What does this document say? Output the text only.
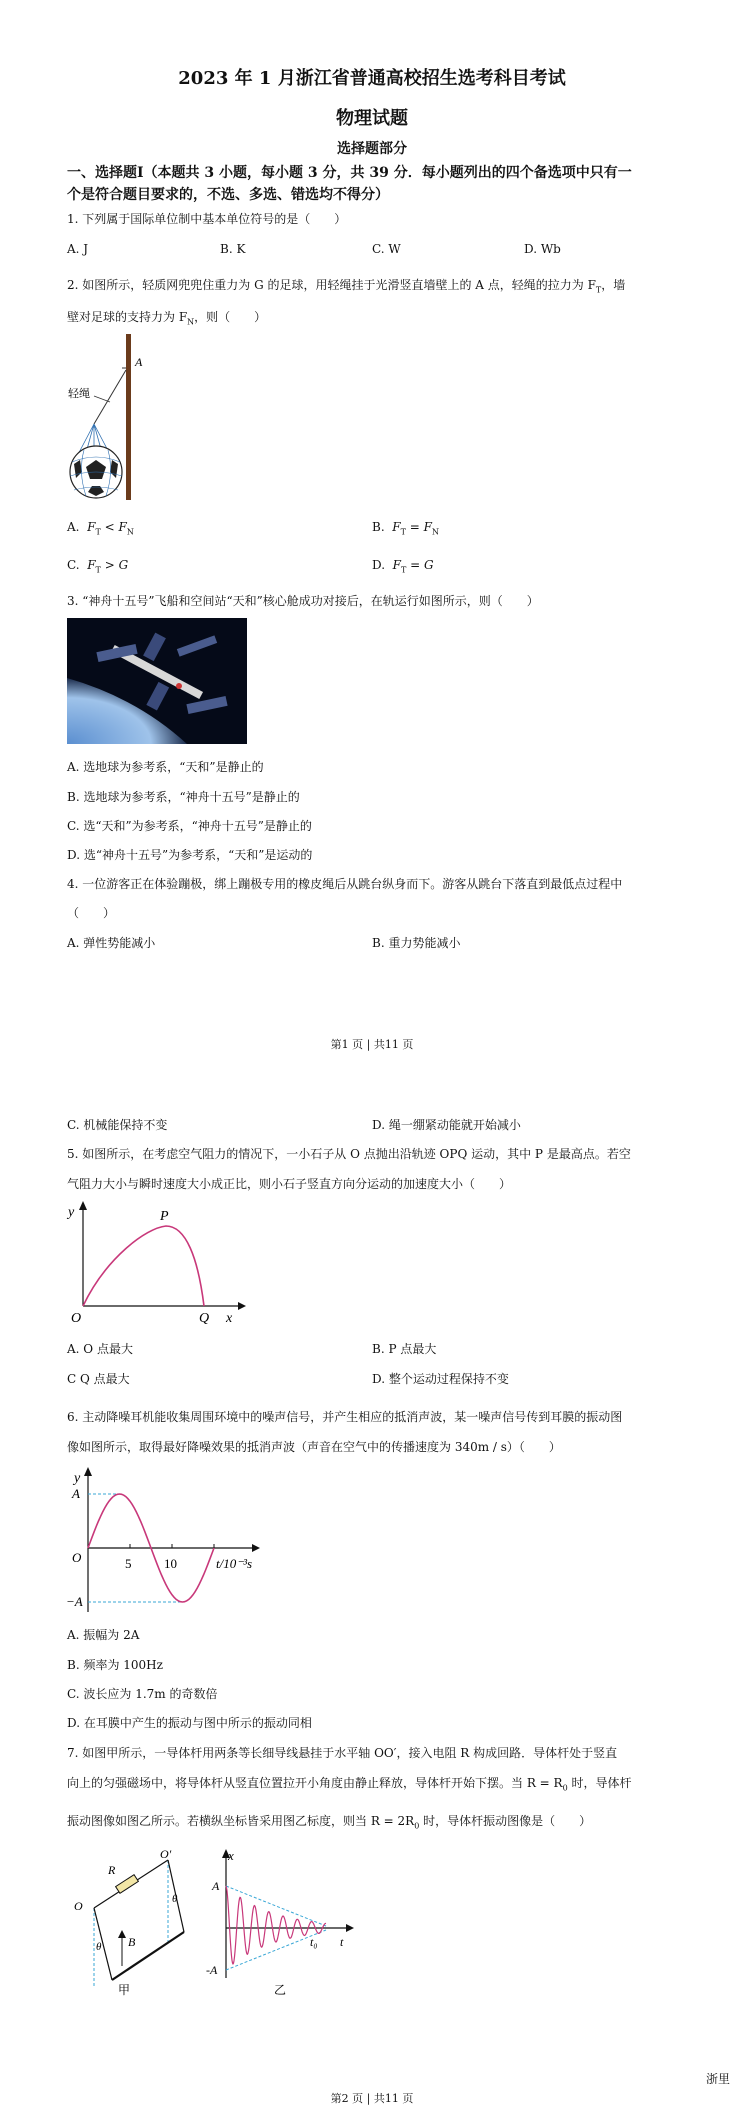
2023 年 1 月浙江省普通高校招生选考科目考试
物理试题
选择题部分
一、选择题Ⅰ（本题共 3 小题，每小题 3 分，共 39 分．每小题列出的四个备选项中只有一
个是符合题目要求的，不选、多选、错选均不得分）
1. 下列属于国际单位制中基本单位符号的是（　　）
A. J	B. K	C. W	D. Wb
2. 如图所示，轻质网兜兜住重力为 G 的足球，用轻绳挂于光滑竖直墙壁上的 A 点，轻绳的拉力为 $F_T$，墙
壁对足球的支持力为 $F_N$，则（　　）
A
轻绳
A. $F_T < F_N$	B. $F_T = F_N$
C. $F_T > G$	D. $F_T = G$
3. “神舟十五号”飞船和空间站“天和”核心舱成功对接后，在轨运行如图所示，则（　　）
A. 选地球为参考系，“天和”是静止的
B. 选地球为参考系，“神舟十五号”是静止的
C. 选“天和”为参考系，“神舟十五号”是静止的
D. 选“神舟十五号”为参考系，“天和”是运动的
4. 一位游客正在体验蹦极，绑上蹦极专用的橡皮绳后从跳台纵身而下。游客从跳台下落直到最低点过程中
（　　）
A. 弹性势能减小	B. 重力势能减小
第1 页 | 共11 页
C. 机械能保持不变	D. 绳一绷紧动能就开始减小
5. 如图所示，在考虑空气阻力的情况下，一小石子从 O 点抛出沿轨迹 OPQ 运动，其中 P 是最高点。若空
气阻力大小与瞬时速度大小成正比，则小石子竖直方向分运动的加速度大小（　　）
y	P
O	Q x
A. O 点最大	B. P 点最大
C Q 点最大	D. 整个运动过程保持不变
6. 主动降噪耳机能收集周围环境中的噪声信号，并产生相应的抵消声波，某一噪声信号传到耳膜的振动图
像如图所示，取得最好降噪效果的抵消声波（声音在空气中的传播速度为 340m / s）（　　）
y
A
−A
O	5	10	t/10⁻³s
A. 振幅为 2A
B. 频率为 100Hz
C. 波长应为 1.7m 的奇数倍
D. 在耳膜中产生的振动与图中所示的振动同相
7. 如图甲所示，一导体杆用两条等长细导线悬挂于水平轴 OO′，接入电阻 R 构成回路．导体杆处于竖直
向上的匀强磁场中，将导体杆从竖直位置拉开小角度由静止释放，导体杆开始下摆。当 $R = R_0$ 时，导体杆
振动图像如图乙所示。若横纵坐标皆采用图乙标度，则当 $R = 2R_0$ 时，导体杆振动图像是（　　）
O
O′
R
θ
θ B
甲
x
A
-A
t₀ t
乙
浙里
第2 页 | 共11 页
